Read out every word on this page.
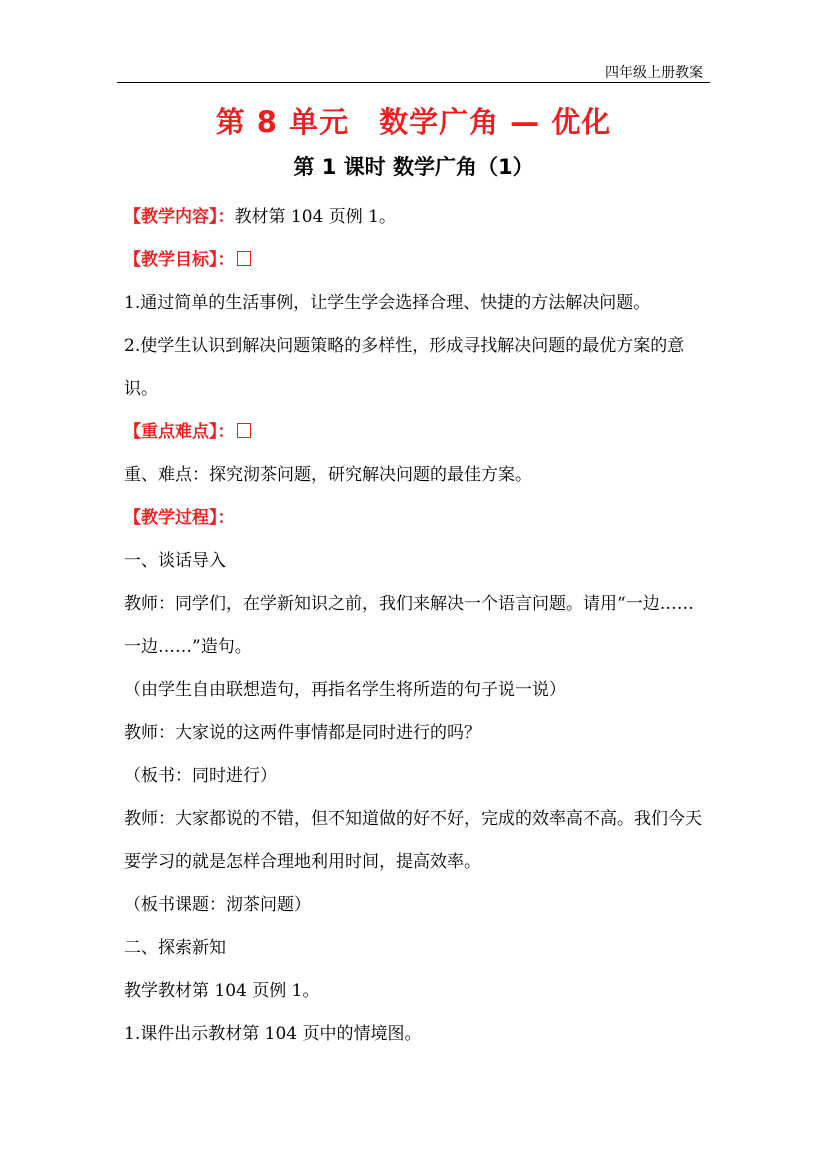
四年级上册教案
第 8 单元　数学广角 — 优化
第 1 课时 数学广角（1）
【教学内容】：教材第 104 页例 1。
【教学目标】：
1.通过简单的生活事例，让学生学会选择合理、快捷的方法解决问题。
2.使学生认识到解决问题策略的多样性，形成寻找解决问题的最优方案的意识。
【重点难点】：
重、难点：探究沏茶问题，研究解决问题的最佳方案。
【教学过程】：
一、谈话导入
教师：同学们，在学新知识之前，我们来解决一个语言问题。请用“一边……一边……”造句。
（由学生自由联想造句，再指名学生将所造的句子说一说）
教师：大家说的这两件事情都是同时进行的吗？
（板书：同时进行）
教师：大家都说的不错，但不知道做的好不好，完成的效率高不高。我们今天要学习的就是怎样合理地利用时间，提高效率。
（板书课题：沏茶问题）
二、探索新知
教学教材第 104 页例 1。
1.课件出示教材第 104 页中的情境图。
